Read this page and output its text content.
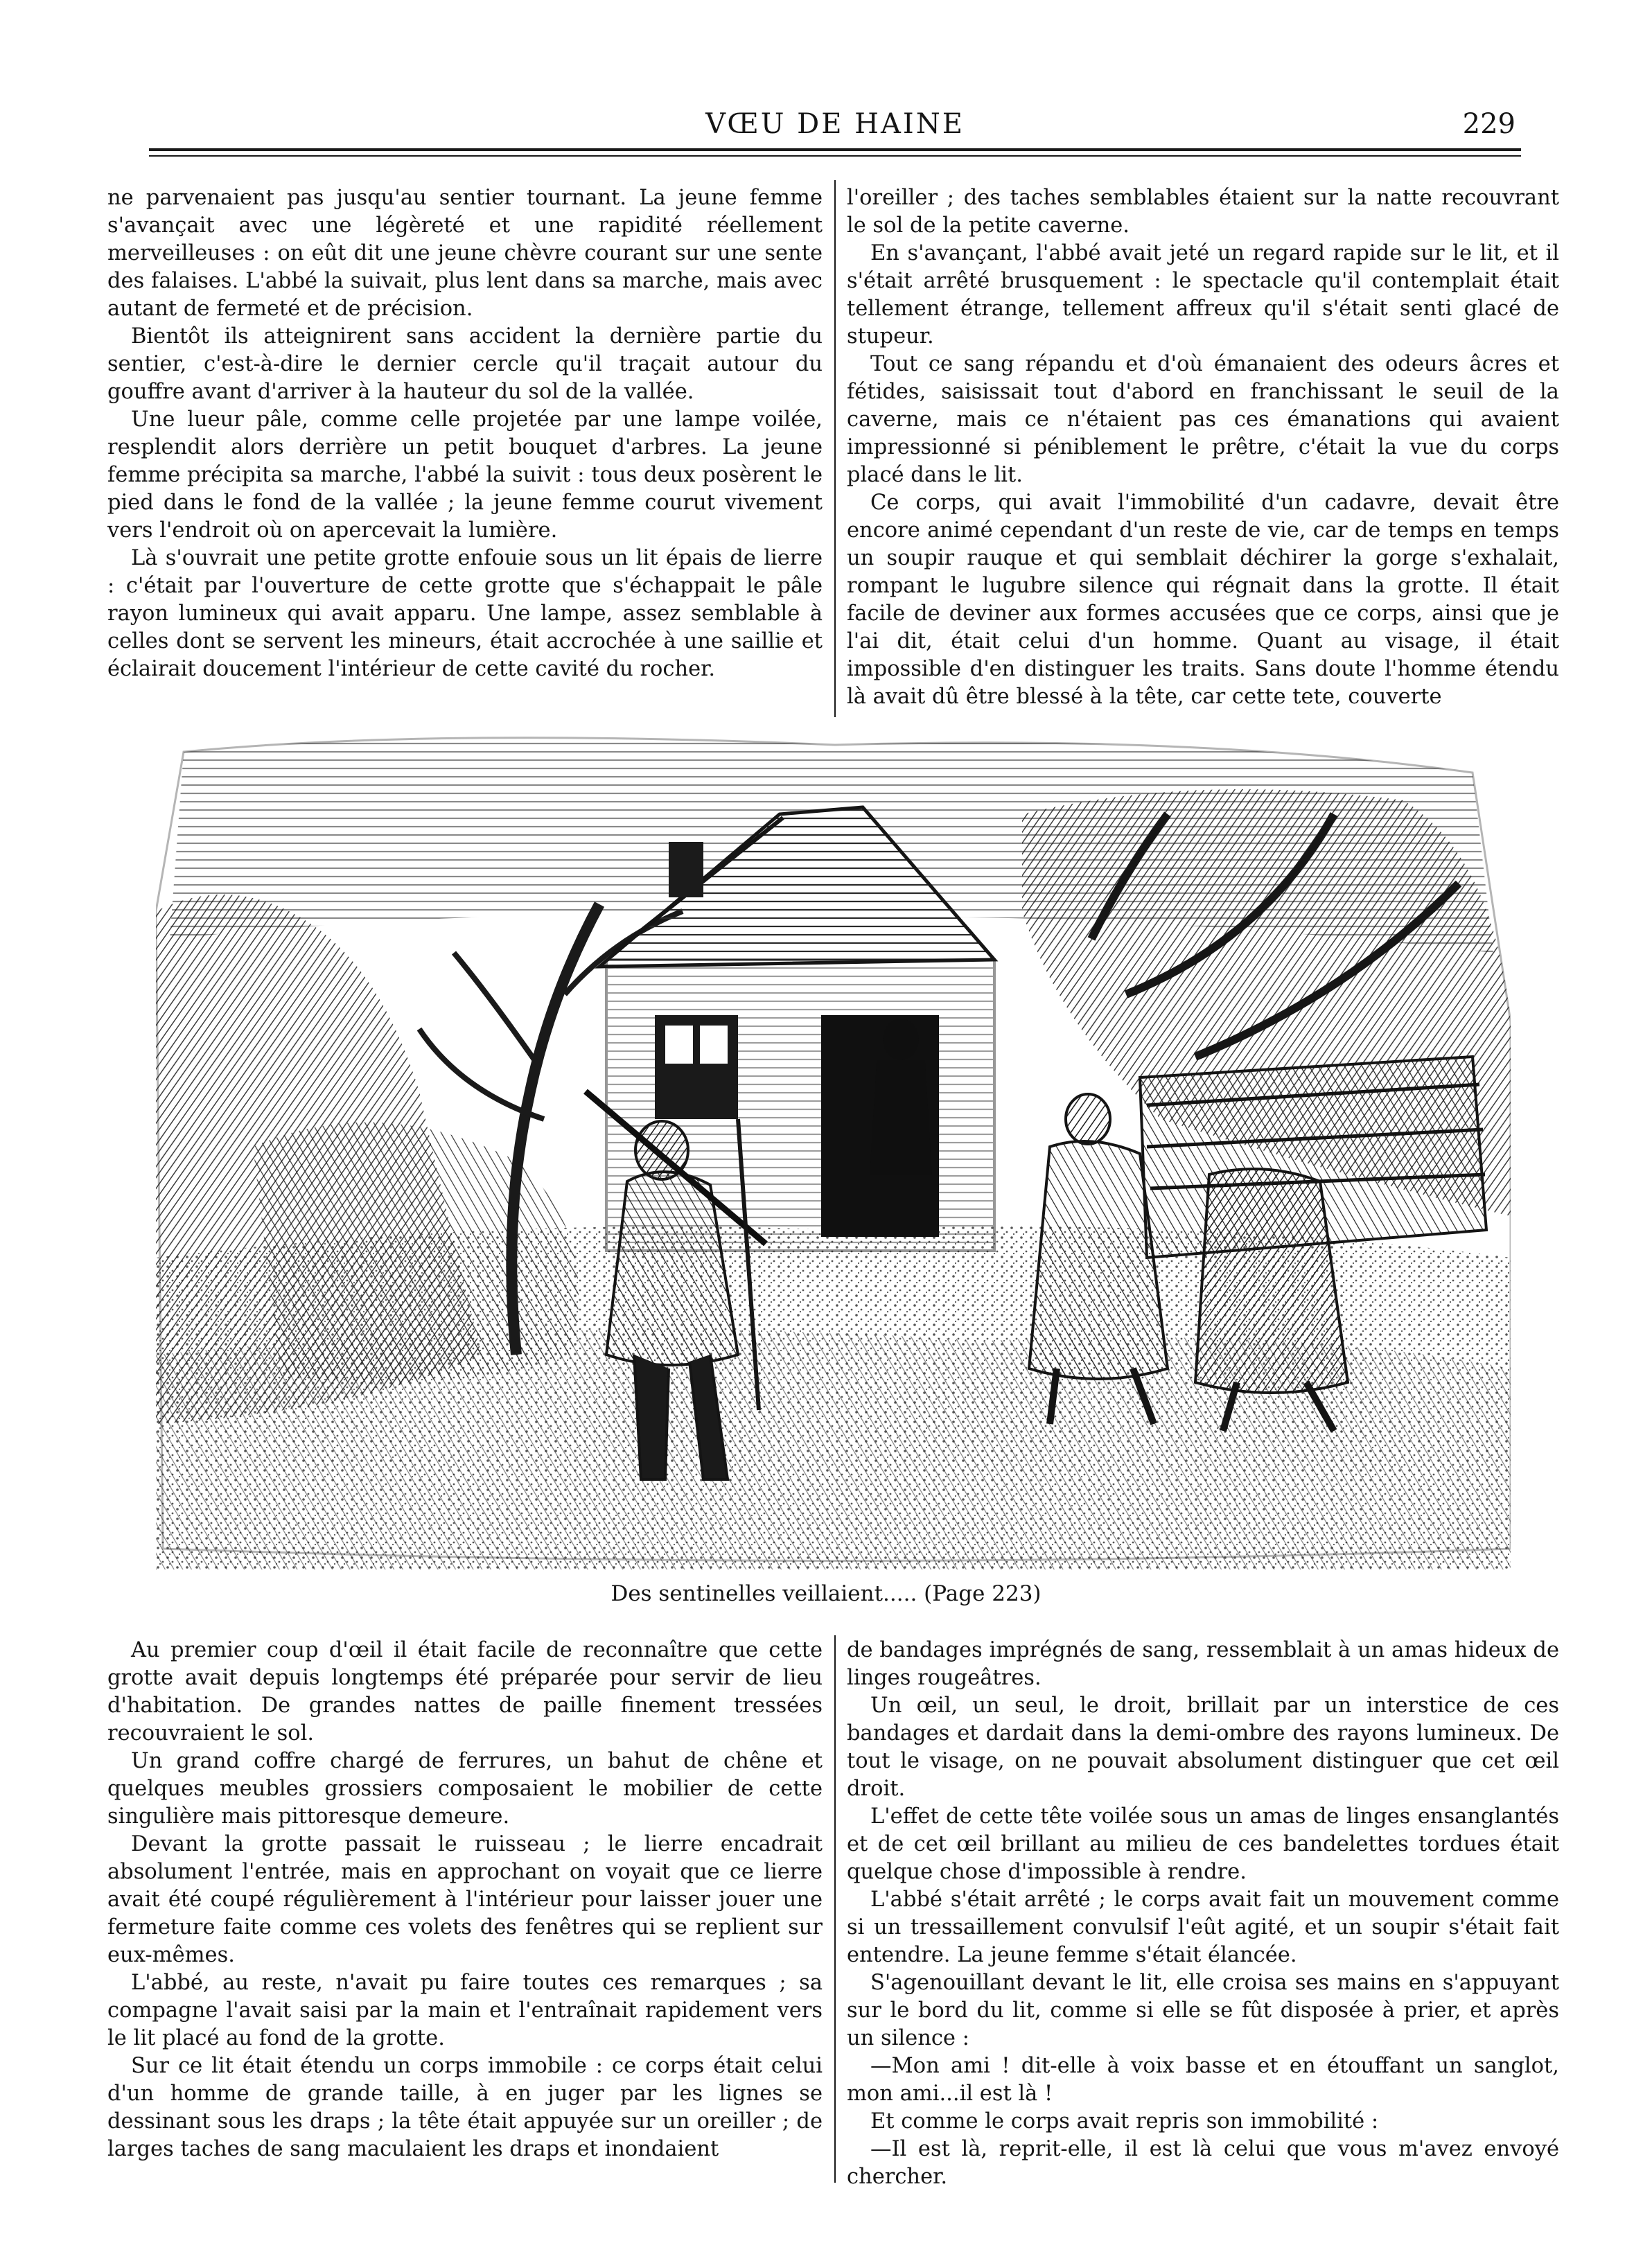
VŒU DE HAINE	229

ne parvenaient pas jusqu'au sentier tournant. La jeune femme s'avançait avec une légèreté et une rapidité réellement merveilleuses : on eût dit une jeune chèvre courant sur une sente des falaises. L'abbé la suivait, plus lent dans sa marche, mais avec autant de fermeté et de précision.

Bientôt ils atteignirent sans accident la dernière partie du sentier, c'est-à-dire le dernier cercle qu'il traçait autour du gouffre avant d'arriver à la hauteur du sol de la vallée.

Une lueur pâle, comme celle projetée par une lampe voilée, resplendit alors derrière un petit bouquet d'arbres. La jeune femme précipita sa marche, l'abbé la suivit : tous deux posèrent le pied dans le fond de la vallée ; la jeune femme courut vivement vers l'endroit où on apercevait la lumière.

Là s'ouvrait une petite grotte enfouie sous un lit épais de lierre : c'était par l'ouverture de cette grotte que s'échappait le pâle rayon lumineux qui avait apparu. Une lampe, assez semblable à celles dont se servent les mineurs, était accrochée à une saillie et éclairait doucement l'intérieur de cette cavité du rocher.

l'oreiller ; des taches semblables étaient sur la natte recouvrant le sol de la petite caverne.

En s'avançant, l'abbé avait jeté un regard rapide sur le lit, et il s'était arrêté brusquement : le spectacle qu'il contemplait était tellement étrange, tellement affreux qu'il s'était senti glacé de stupeur.

Tout ce sang répandu et d'où émanaient des odeurs âcres et fétides, saisissait tout d'abord en franchissant le seuil de la caverne, mais ce n'étaient pas ces émanations qui avaient impressionné si péniblement le prêtre, c'était la vue du corps placé dans le lit.

Ce corps, qui avait l'immobilité d'un cadavre, devait être encore animé cependant d'un reste de vie, car de temps en temps un soupir rauque et qui semblait déchirer la gorge s'exhalait, rompant le lugubre silence qui régnait dans la grotte. Il était facile de deviner aux formes accusées que ce corps, ainsi que je l'ai dit, était celui d'un homme. Quant au visage, il était impossible d'en distinguer les traits. Sans doute l'homme étendu là avait dû être blessé à la tête, car cette tete, couverte

Des sentinelles veillaient..... (Page 223)

Au premier coup d'œil il était facile de reconnaître que cette grotte avait depuis longtemps été préparée pour servir de lieu d'habitation. De grandes nattes de paille finement tressées recouvraient le sol.

Un grand coffre chargé de ferrures, un bahut de chêne et quelques meubles grossiers composaient le mobilier de cette singulière mais pittoresque demeure.

Devant la grotte passait le ruisseau ; le lierre encadrait absolument l'entrée, mais en approchant on voyait que ce lierre avait été coupé régulièrement à l'intérieur pour laisser jouer une fermeture faite comme ces volets des fenêtres qui se replient sur eux-mêmes.

L'abbé, au reste, n'avait pu faire toutes ces remarques ; sa compagne l'avait saisi par la main et l'entraînait rapidement vers le lit placé au fond de la grotte.

Sur ce lit était étendu un corps immobile : ce corps était celui d'un homme de grande taille, à en juger par les lignes se dessinant sous les draps ; la tête était appuyée sur un oreiller ; de larges taches de sang maculaient les draps et inondaient

de bandages imprégnés de sang, ressemblait à un amas hideux de linges rougeâtres.

Un œil, un seul, le droit, brillait par un interstice de ces bandages et dardait dans la demi-ombre des rayons lumineux. De tout le visage, on ne pouvait absolument distinguer que cet œil droit.

L'effet de cette tête voilée sous un amas de linges ensanglantés et de cet œil brillant au milieu de ces bandelettes tordues était quelque chose d'impossible à rendre.

L'abbé s'était arrêté ; le corps avait fait un mouvement comme si un tressaillement convulsif l'eût agité, et un soupir s'était fait entendre. La jeune femme s'était élancée.

S'agenouillant devant le lit, elle croisa ses mains en s'appuyant sur le bord du lit, comme si elle se fût disposée à prier, et après un silence :

—Mon ami ! dit-elle à voix basse et en étouffant un sanglot, mon ami...il est là !

Et comme le corps avait repris son immobilité :

—Il est là, reprit-elle, il est là celui que vous m'avez envoyé chercher.
